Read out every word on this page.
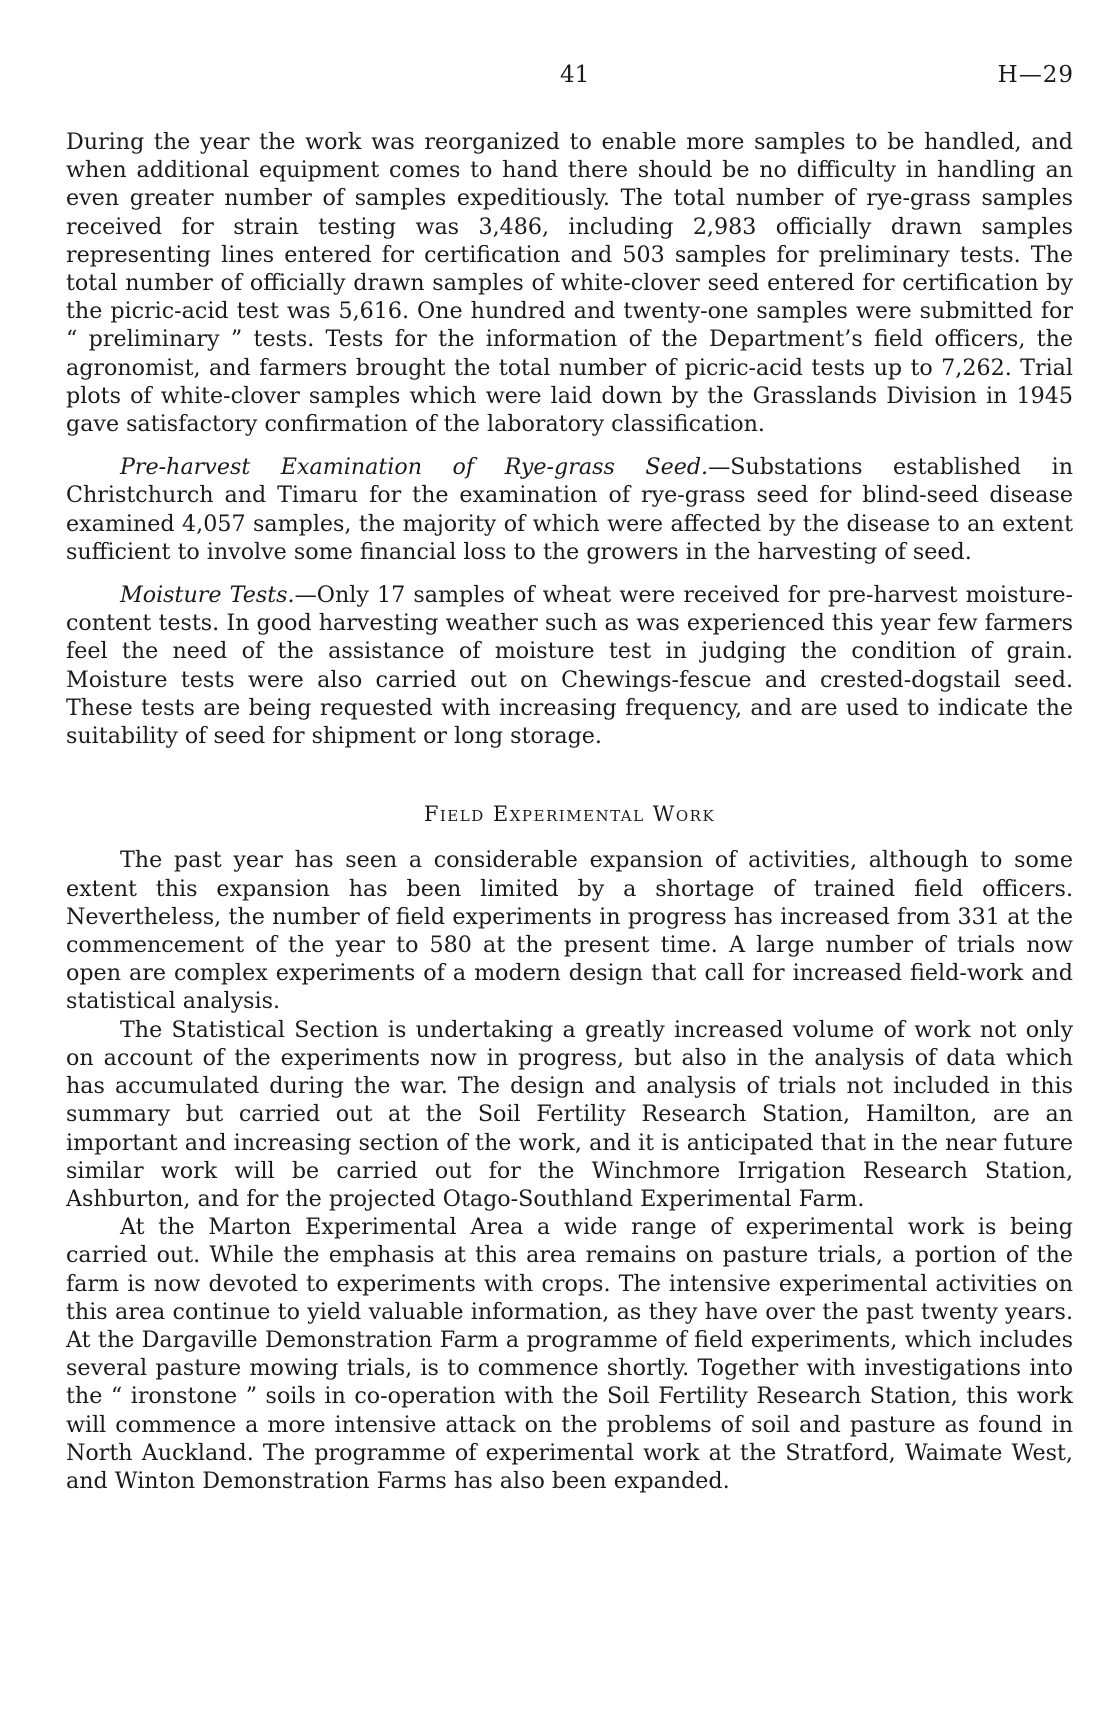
41	H—29

During the year the work was reorganized to enable more samples to be handled, and when additional equipment comes to hand there should be no difficulty in handling an even greater number of samples expeditiously. The total number of rye-grass samples received for strain testing was 3,486, including 2,983 officially drawn samples representing lines entered for certification and 503 samples for preliminary tests. The total number of officially drawn samples of white-clover seed entered for certification by the picric-acid test was 5,616. One hundred and twenty-one samples were submitted for “ preliminary ” tests. Tests for the information of the Department’s field officers, the agronomist, and farmers brought the total number of picric-acid tests up to 7,262. Trial plots of white-clover samples which were laid down by the Grasslands Division in 1945 gave satisfactory confirmation of the laboratory classification.

Pre-harvest Examination of Rye-grass Seed.—Substations established in Christchurch and Timaru for the examination of rye-grass seed for blind-seed disease examined 4,057 samples, the majority of which were affected by the disease to an extent sufficient to involve some financial loss to the growers in the harvesting of seed.

Moisture Tests.—Only 17 samples of wheat were received for pre-harvest moisture-content tests. In good harvesting weather such as was experienced this year few farmers feel the need of the assistance of moisture test in judging the condition of grain. Moisture tests were also carried out on Chewings-fescue and crested-dogstail seed. These tests are being requested with increasing frequency, and are used to indicate the suitability of seed for shipment or long storage.

Field Experimental Work

The past year has seen a considerable expansion of activities, although to some extent this expansion has been limited by a shortage of trained field officers. Nevertheless, the number of field experiments in progress has increased from 331 at the commencement of the year to 580 at the present time. A large number of trials now open are complex experiments of a modern design that call for increased field-work and statistical analysis.

The Statistical Section is undertaking a greatly increased volume of work not only on account of the experiments now in progress, but also in the analysis of data which has accumulated during the war. The design and analysis of trials not included in this summary but carried out at the Soil Fertility Research Station, Hamilton, are an important and increasing section of the work, and it is anticipated that in the near future similar work will be carried out for the Winchmore Irrigation Research Station, Ashburton, and for the projected Otago-Southland Experimental Farm.

At the Marton Experimental Area a wide range of experimental work is being carried out. While the emphasis at this area remains on pasture trials, a portion of the farm is now devoted to experiments with crops. The intensive experimental activities on this area continue to yield valuable information, as they have over the past twenty years. At the Dargaville Demonstration Farm a programme of field experiments, which includes several pasture mowing trials, is to commence shortly. Together with investigations into the “ ironstone ” soils in co-operation with the Soil Fertility Research Station, this work will commence a more intensive attack on the problems of soil and pasture as found in North Auckland. The programme of experimental work at the Stratford, Waimate West, and Winton Demonstration Farms has also been expanded.
